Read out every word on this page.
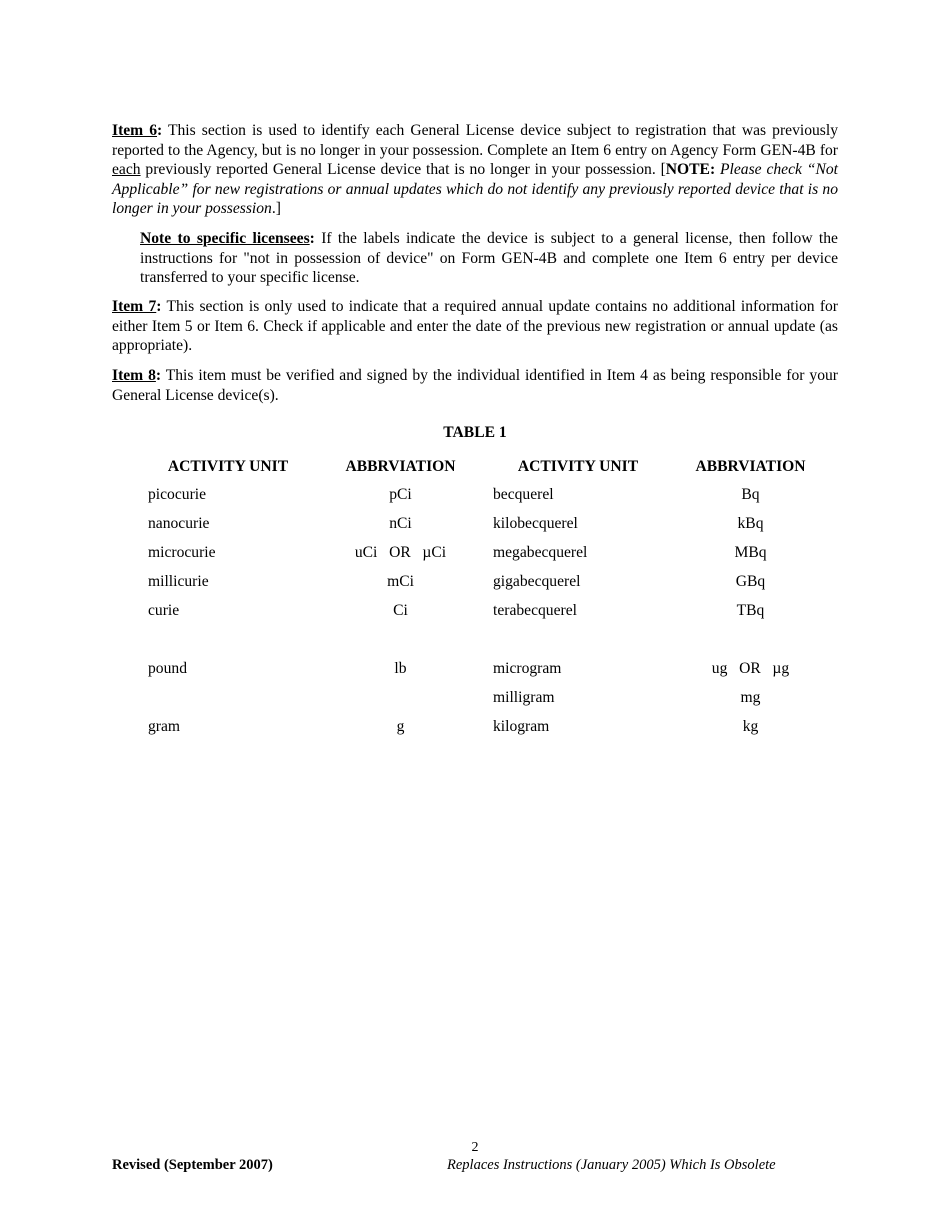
Item 6: This section is used to identify each General License device subject to registration that was previously reported to the Agency, but is no longer in your possession. Complete an Item 6 entry on Agency Form GEN-4B for each previously reported General License device that is no longer in your possession. [NOTE: Please check “Not Applicable” for new registrations or annual updates which do not identify any previously reported device that is no longer in your possession.]

Note to specific licensees: If the labels indicate the device is subject to a general license, then follow the instructions for "not in possession of device" on Form GEN-4B and complete one Item 6 entry per device transferred to your specific license.

Item 7: This section is only used to indicate that a required annual update contains no additional information for either Item 5 or Item 6. Check if applicable and enter the date of the previous new registration or annual update (as appropriate).

Item 8: This item must be verified and signed by the individual identified in Item 4 as being responsible for your General License device(s).

TABLE 1
ACTIVITY UNIT	ABBRVIATION	ACTIVITY UNIT	ABBRVIATION
picocurie	pCi	becquerel	Bq
nanocurie	nCi	kilobecquerel	kBq
microcurie	uCi   OR   µCi	megabecquerel	MBq
millicurie	mCi	gigabecquerel	GBq
curie	Ci	terabecquerel	TBq

pound	lb	microgram	ug   OR   µg
		milligram	mg
gram	g	kilogram	kg
2
Revised (September 2007)	Replaces Instructions (January 2005) Which Is Obsolete
